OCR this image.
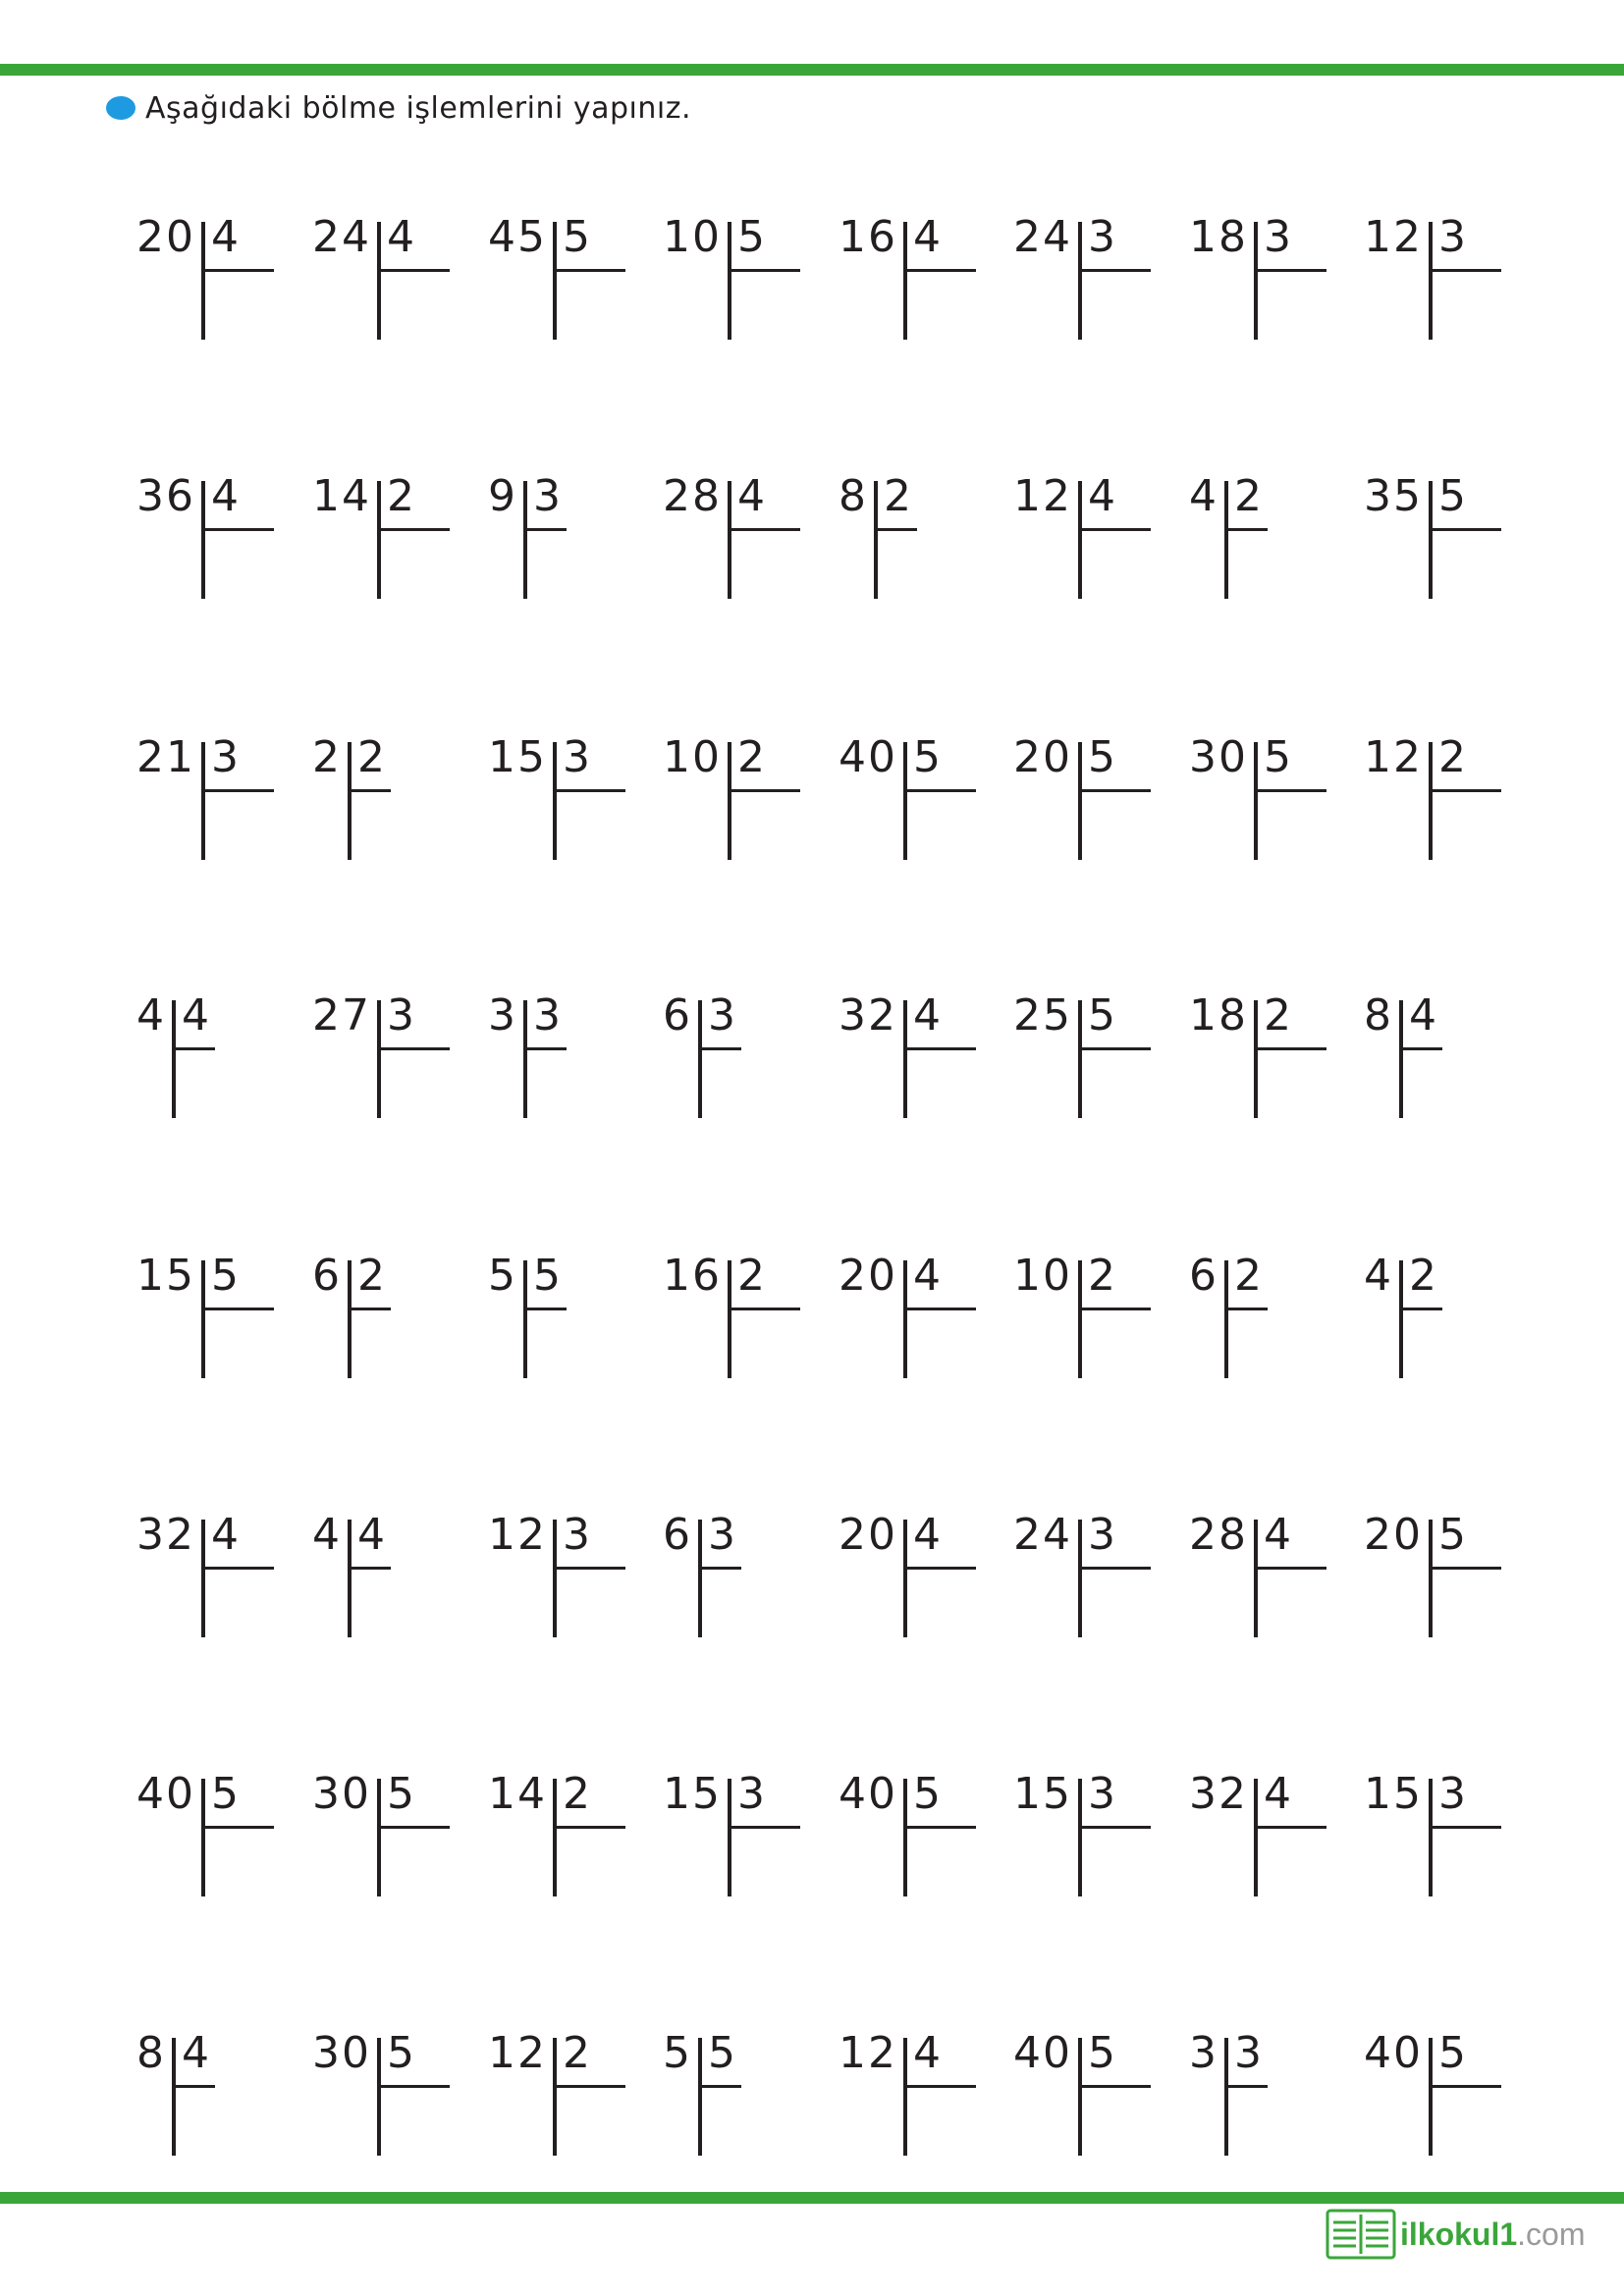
Aşağıdaki bölme işlemlerini yapınız.
20 4 24 4 45 5 10 5 16 4 24 3 18 3 12 3
36 4 14 2 9 3 28 4 8 2 12 4 4 2 35 5
21 3 2 2 15 3 10 2 40 5 20 5 30 5 12 2
4 4 27 3 3 3 6 3 32 4 25 5 18 2 8 4
15 5 6 2 5 5 16 2 20 4 10 2 6 2 4 2
32 4 4 4 12 3 6 3 20 4 24 3 28 4 20 5
40 5 30 5 14 2 15 3 40 5 15 3 32 4 15 3
8 4 30 5 12 2 5 5 12 4 40 5 3 3 40 5
ilkokul1 .com
